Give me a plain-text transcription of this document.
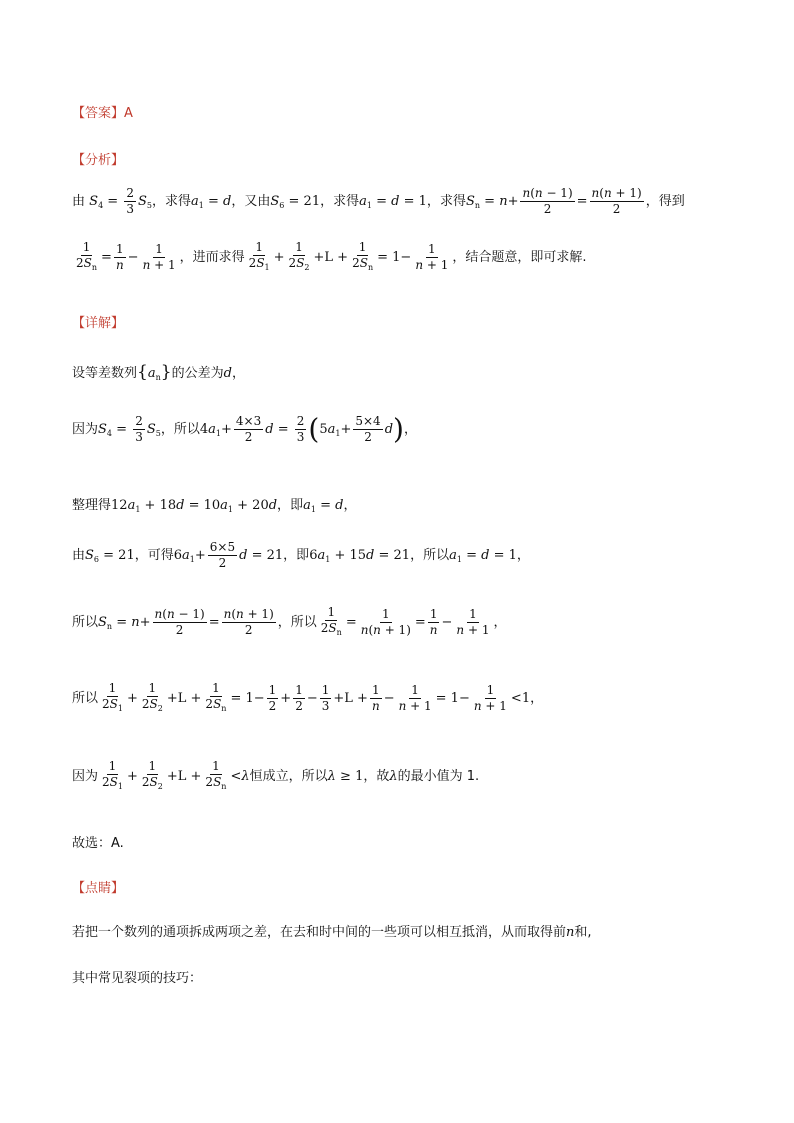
【答案】A
【分析】
由 $S_4 = \frac{2}{3} S_5$，求得$a_1 = d$，又由$S_6 = 21$，求得$a_1 = d = 1$，求得$S_n = n+ \frac{n(n - 1)}{2} = \frac{n(n + 1)}{2}$ ，得到
$\frac{1}{2S_n} = \frac{1}{n} - \frac{1}{n + 1}$ ，进而求得 $\frac{1}{2S_1} + \frac{1}{2S_2} +L + \frac{1}{2S_n} = 1- \frac{1}{n + 1}$ ，结合题意，即可求解.
【详解】
设等差数列$\{a_n\}$的公差为d，
因为$S_4 = \frac{2}{3} S_5$，所以$4a_1+ \frac{4\times 3}{2}$ $d = \frac{2}{3} (5a_1+ \frac{5\times 4}{2} d)$，
整理得$12a_1 + 18d = 10a_1 + 20d$，即$a_1 = d$，
由$S_6 = 21$，可得$6a_1+ \frac{6\times 5}{2}$ d = 21，即$6a_1 + 15d = 21$，所以$a_1 = d = 1$，
所以$S_n = n+ \frac{n(n - 1)}{2} = \frac{n(n + 1)}{2}$ ，所以 $\frac{1}{2S_n} = \frac{1}{n(n + 1)} = \frac{1}{n} - \frac{1}{n + 1}$ ，
所以 $\frac{1}{2S_1} + \frac{1}{2S_2} +L + \frac{1}{2S_n} = 1- \frac{1}{2} + \frac{1}{2} - \frac{1}{3} +L + \frac{1}{n} - \frac{1}{n + 1} = 1- \frac{1}{n + 1} <1$，
因为 $\frac{1}{2S_1} + \frac{1}{2S_2} +L + \frac{1}{2S_n} <\lambda$恒成立，所以λ ≥ 1，故λ的最小值为 1.
故选：A.
【点睛】
若把一个数列的通项拆成两项之差，在去和时中间的一些项可以相互抵消，从而取得前n和,
其中常见裂项的技巧：
